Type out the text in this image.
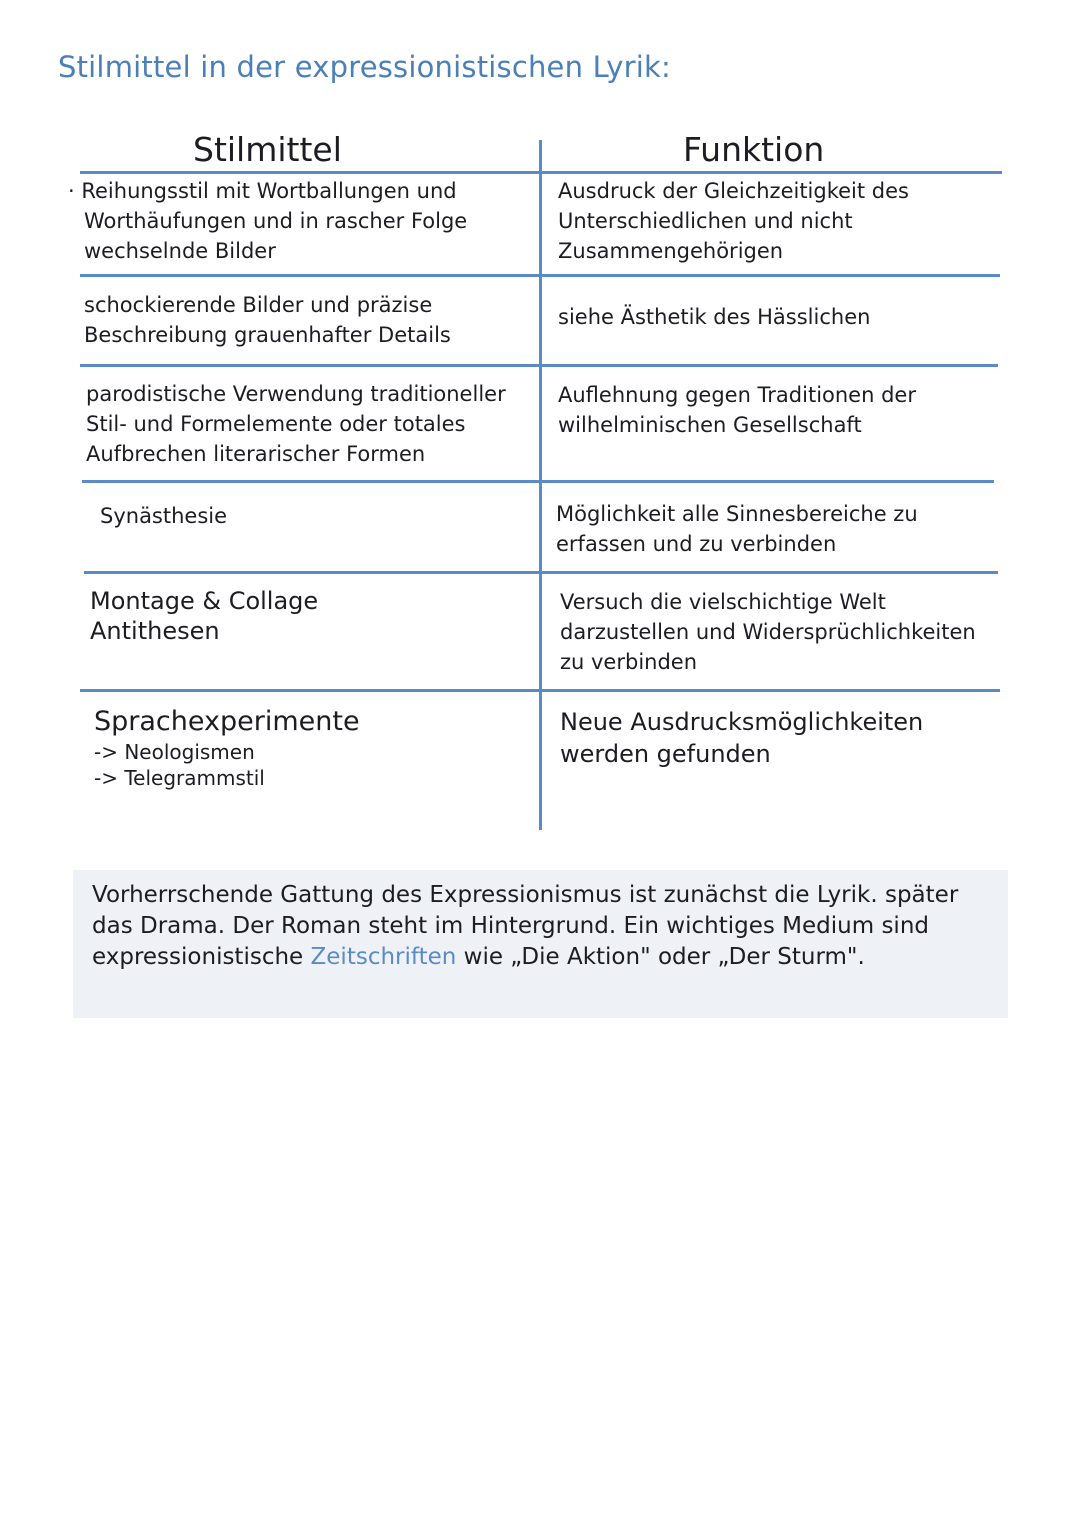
Stilmittel in der expressionistischen Lyrik:
Stilmittel	Funktion
· Reihungsstil mit Wortballungen und
Worthäufungen und in rascher Folge
wechselnde Bilder
Ausdruck der Gleichzeitigkeit des
Unterschiedlichen und nicht
Zusammengehörigen
schockierende Bilder und präzise
Beschreibung grauenhafter Details
siehe Ästhetik des Hässlichen
parodistische Verwendung traditioneller
Stil- und Formelemente oder totales
Aufbrechen literarischer Formen
Auflehnung gegen Traditionen der
wilhelminischen Gesellschaft
Synästhesie	Möglichkeit alle Sinnesbereiche zu
erfassen und zu verbinden
Montage & Collage
Antithesen
Versuch die vielschichtige Welt
darzustellen und Widersprüchlichkeiten
zu verbinden
Sprachexperimente
-> Neologismen
-> Telegrammstil
Neue Ausdrucksmöglichkeiten
werden gefunden
Vorherrschende Gattung des Expressionismus ist zunächst die Lyrik. später das Drama. Der Roman steht im Hintergrund. Ein wichtiges Medium sind expressionistische Zeitschriften wie „Die Aktion" oder „Der Sturm".
